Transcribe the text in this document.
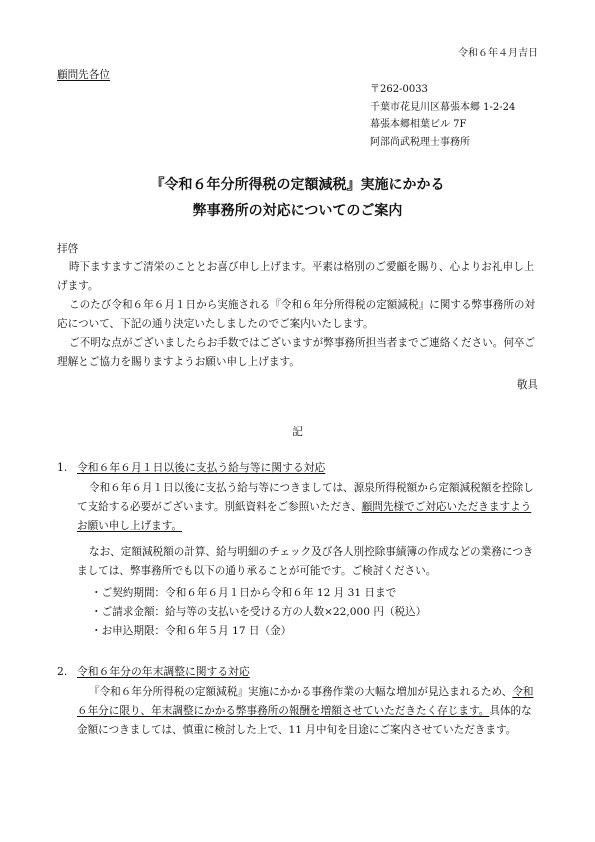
令和６年４月吉日
顧問先各位
〒262-0033
千葉市花見川区幕張本郷 1-2-24
幕張本郷相葉ビル 7F
阿部尚武税理士事務所
『令和６年分所得税の定額減税』実施にかかる
弊事務所の対応についてのご案内
拝啓
時下ますますご清栄のこととお喜び申し上げます。平素は格別のご愛顧を賜り、心よりお礼申し上げます。
このたび令和６年６月１日から実施される『令和６年分所得税の定額減税』に関する弊事務所の対応について、下記の通り決定いたしましたのでご案内いたします。
ご不明な点がございましたらお手数ではございますが弊事務所担当者までご連絡ください。何卒ご理解とご協力を賜りますようお願い申し上げます。
敬具
記
1. 令和６年６月１日以後に支払う給与等に関する対応
令和６年６月１日以後に支払う給与等につきましては、源泉所得税額から定額減税額を控除して支給する必要がございます。別紙資料をご参照いただき、顧問先様でご対応いただきますようお願い申し上げます。
なお、定額減税額の計算、給与明細のチェック及び各人別控除事績簿の作成などの業務につきましては、弊事務所でも以下の通り承ることが可能です。ご検討ください。
・ご契約期間：令和６年６月１日から令和６年 12 月 31 日まで
・ご請求金額：給与等の支払いを受ける方の人数×22,000 円（税込）
・お申込期限：令和６年５月 17 日（金）
2. 令和６年分の年末調整に関する対応
『令和６年分所得税の定額減税』実施にかかる事務作業の大幅な増加が見込まれるため、令和６年分に限り、年末調整にかかる弊事務所の報酬を増額させていただきたく存じます。具体的な金額につきましては、慎重に検討した上で、11 月中旬を目途にご案内させていただきます。
